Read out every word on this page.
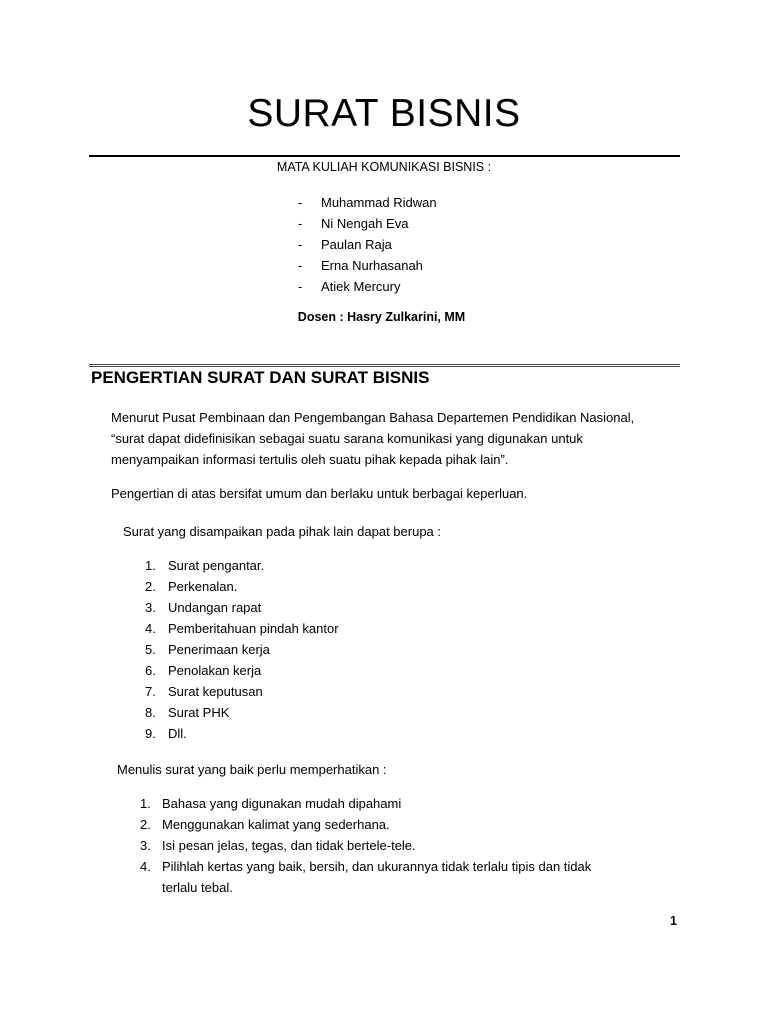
SURAT BISNIS
MATA KULIAH KOMUNIKASI BISNIS :
-	Muhammad Ridwan
-	Ni Nengah Eva
-	Paulan Raja
-	Erna Nurhasanah
-	Atiek Mercury
Dosen : Hasry Zulkarini, MM
PENGERTIAN SURAT DAN SURAT BISNIS
Menurut Pusat Pembinaan dan Pengembangan Bahasa Departemen Pendidikan Nasional, “surat dapat didefinisikan sebagai suatu sarana komunikasi yang digunakan untuk menyampaikan informasi tertulis oleh suatu pihak kepada pihak lain”.
Pengertian di atas bersifat umum dan berlaku untuk berbagai keperluan.
Surat yang disampaikan pada pihak lain dapat berupa :
1. Surat pengantar.
2. Perkenalan.
3. Undangan rapat
4. Pemberitahuan pindah kantor
5. Penerimaan kerja
6. Penolakan kerja
7. Surat keputusan
8. Surat PHK
9. Dll.
Menulis surat yang baik perlu memperhatikan :
1. Bahasa yang digunakan mudah dipahami
2. Menggunakan kalimat yang sederhana.
3. Isi pesan jelas, tegas, dan tidak bertele-tele.
4. Pilihlah kertas yang baik, bersih, dan ukurannya tidak terlalu tipis dan tidak terlalu tebal.
1
